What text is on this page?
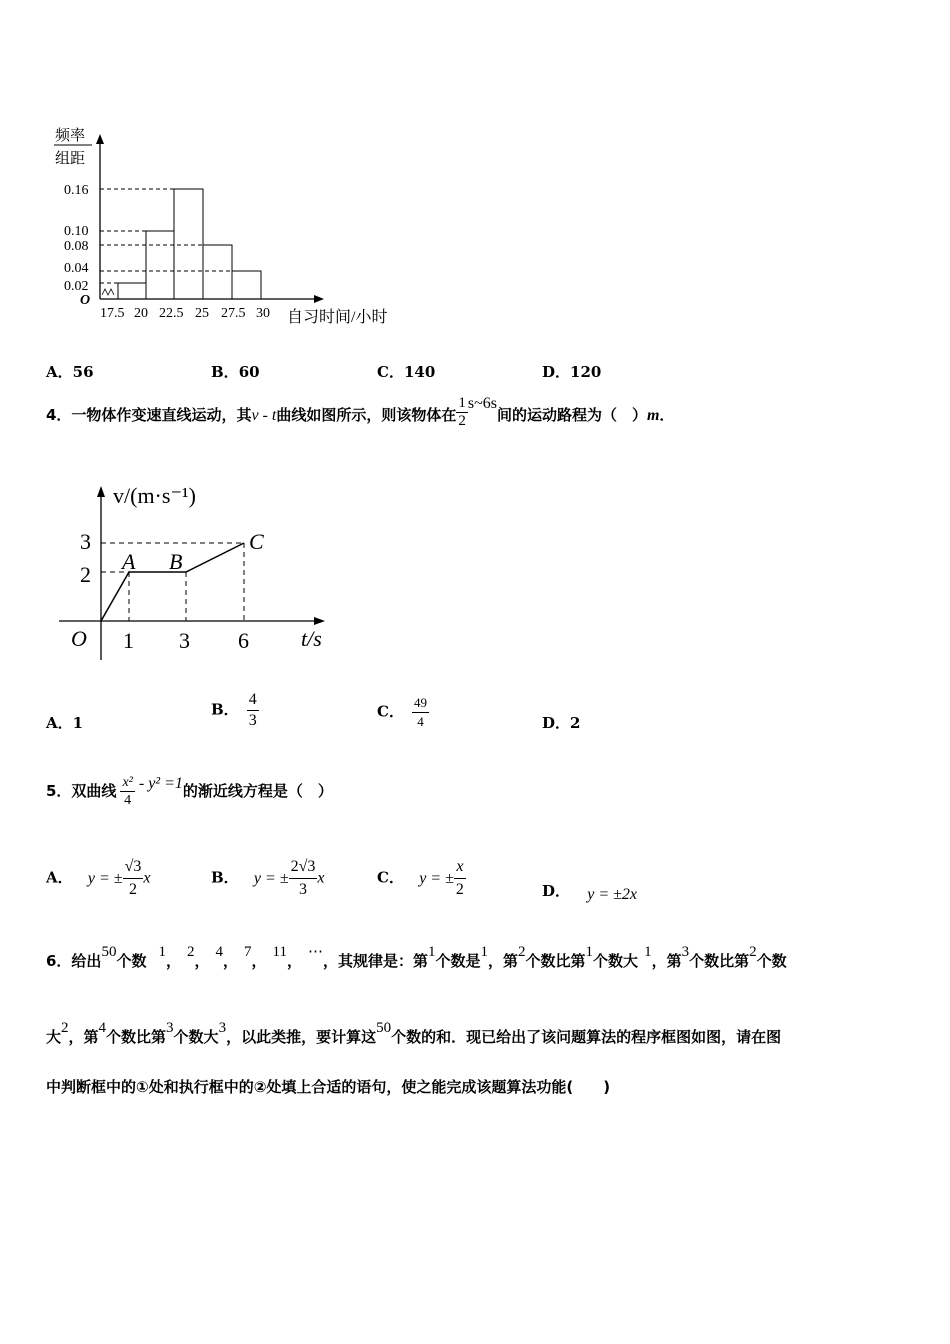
频率
组距
0.16
0.10
0.08
0.04
0.02
O
17.5 20 22.5 25 27.5 30 自习时间/小时
A．56	B．60	C．140	D．120
4．一物体作变速直线运动，其v - t曲线如图所示，则该物体在 $\frac{1}{2}$ s~6s间的运动路程为（　）m．
v/(m·s⁻¹)
3
2
A B
C
O 1 3 6 t/s
A．1
B． $\frac{4}{3}$	C． $\frac{49}{4}$	D．2
5．双曲线 $\frac{\text{x²}}{4} - y^2 =1$的渐近线方程是（　）
A． y = ± $\frac{√3}{2}$ x	B． y = ± $\frac{2√3}{3}$ x	C． y = ± $\frac{x}{2}$	D． y = ±2x
6．给出50个数 1， 2， 4， 7， 11， ⋯，其规律是：第1个数是1，第2个数比第1个数大 1，第3个数比第2个数
大2，第4个数比第3个数大3，以此类推，要计算这50个数的和．现已给出了该问题算法的程序框图如图，请在图
中判断框中的①处和执行框中的②处填上合适的语句，使之能完成该题算法功能(　　)
